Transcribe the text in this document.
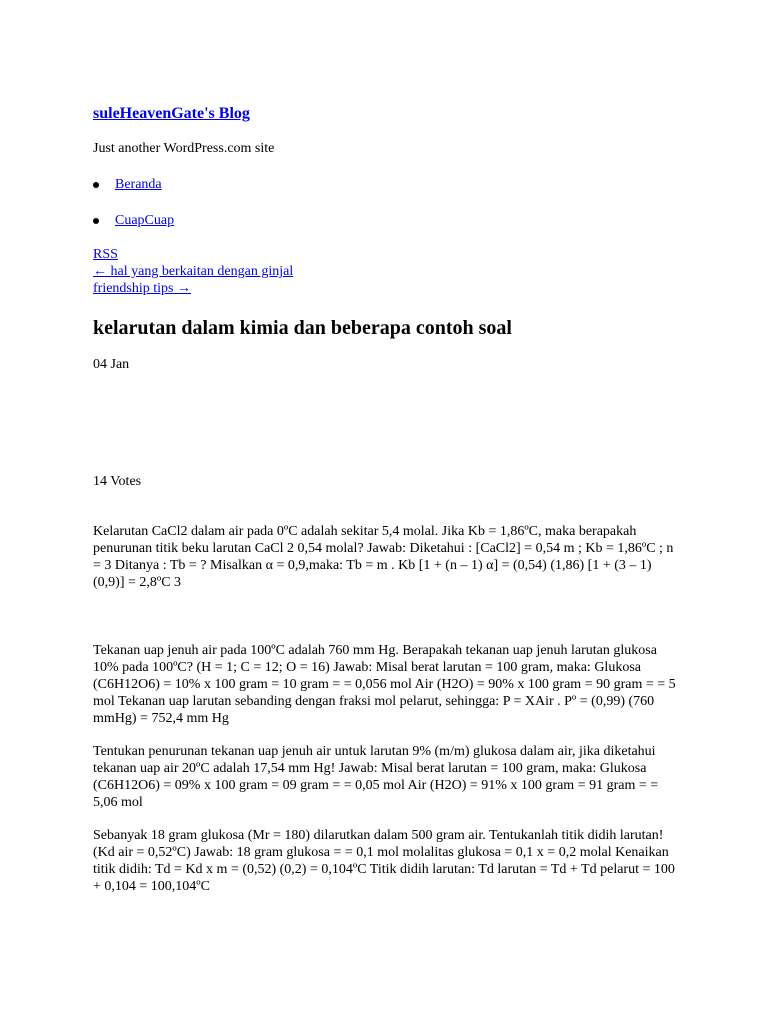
suleHeavenGate's Blog
Just another WordPress.com site
Beranda
CuapCuap
RSS
← hal yang berkaitan dengan ginjal
friendship tips →
kelarutan dalam kimia dan beberapa contoh soal
04 Jan
14 Votes

Kelarutan CaCl2 dalam air pada 0ºC adalah sekitar 5,4 molal. Jika Kb = 1,86ºC, maka berapakah penurunan titik beku larutan CaCl 2 0,54 molal? Jawab: Diketahui : [CaCl2] = 0,54 m ; Kb = 1,86ºC ; n = 3 Ditanya : Tb = ? Misalkan α = 0,9,maka: Tb = m . Kb [1 + (n – 1) α] = (0,54) (1,86) [1 + (3 – 1) (0,9)] = 2,8ºC 3

Tekanan uap jenuh air pada 100ºC adalah 760 mm Hg. Berapakah tekanan uap jenuh larutan glukosa 10% pada 100ºC? (H = 1; C = 12; O = 16) Jawab: Misal berat larutan = 100 gram, maka: Glukosa (C6H12O6) = 10% x 100 gram = 10 gram = = 0,056 mol Air (H2O) = 90% x 100 gram = 90 gram = = 5 mol Tekanan uap larutan sebanding dengan fraksi mol pelarut, sehingga: P = XAir . Pº = (0,99) (760 mmHg) = 752,4 mm Hg

Tentukan penurunan tekanan uap jenuh air untuk larutan 9% (m/m) glukosa dalam air, jika diketahui tekanan uap air 20ºC adalah 17,54 mm Hg! Jawab: Misal berat larutan = 100 gram, maka: Glukosa (C6H12O6) = 09% x 100 gram = 09 gram = = 0,05 mol Air (H2O) = 91% x 100 gram = 91 gram = = 5,06 mol

Sebanyak 18 gram glukosa (Mr = 180) dilarutkan dalam 500 gram air. Tentukanlah titik didih larutan! (Kd air = 0,52ºC) Jawab: 18 gram glukosa = = 0,1 mol molalitas glukosa = 0,1 x = 0,2 molal Kenaikan titik didih: Td = Kd x m = (0,52) (0,2) = 0,104ºC Titik didih larutan: Td larutan = Td + Td pelarut = 100 + 0,104 = 100,104ºC
